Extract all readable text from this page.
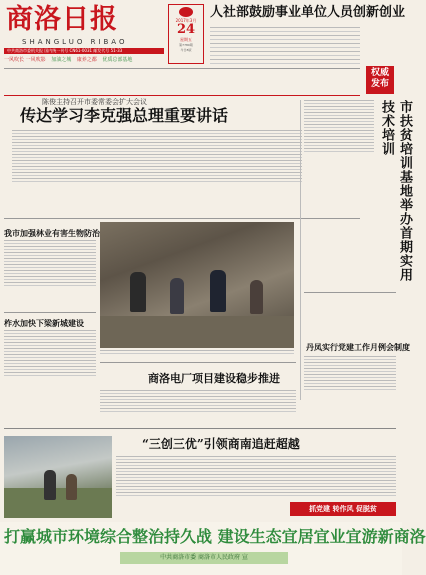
商洛日报
SHANGLUO RIBAO
中共商洛市委机关报 国内统一刊号 CN61-0031 邮发代号 51-33
一风吹长 一风吹影 加油之城 康养之都 优质总部基地
2017年3月
24
星期五
第7780期
今日8版
人社部鼓励事业单位人员创新创业
权威
发布
陈俊主持召开市委常委会扩大会议
传达学习李克强总理重要讲话
我市加强林业有害生物防治
柞水加快下梁新城建设
市扶贫培训基地举办首期实用技术培训
丹凤实行党建工作月例会制度
商洛电厂项目建设稳步推进
“三创三优”引领商南追赶超越
抓党建 转作风 促脱贫
打赢城市环境综合整治持久战 建设生态宜居宜业宜游新商洛
中共商洛市委 商洛市人民政府 宣
